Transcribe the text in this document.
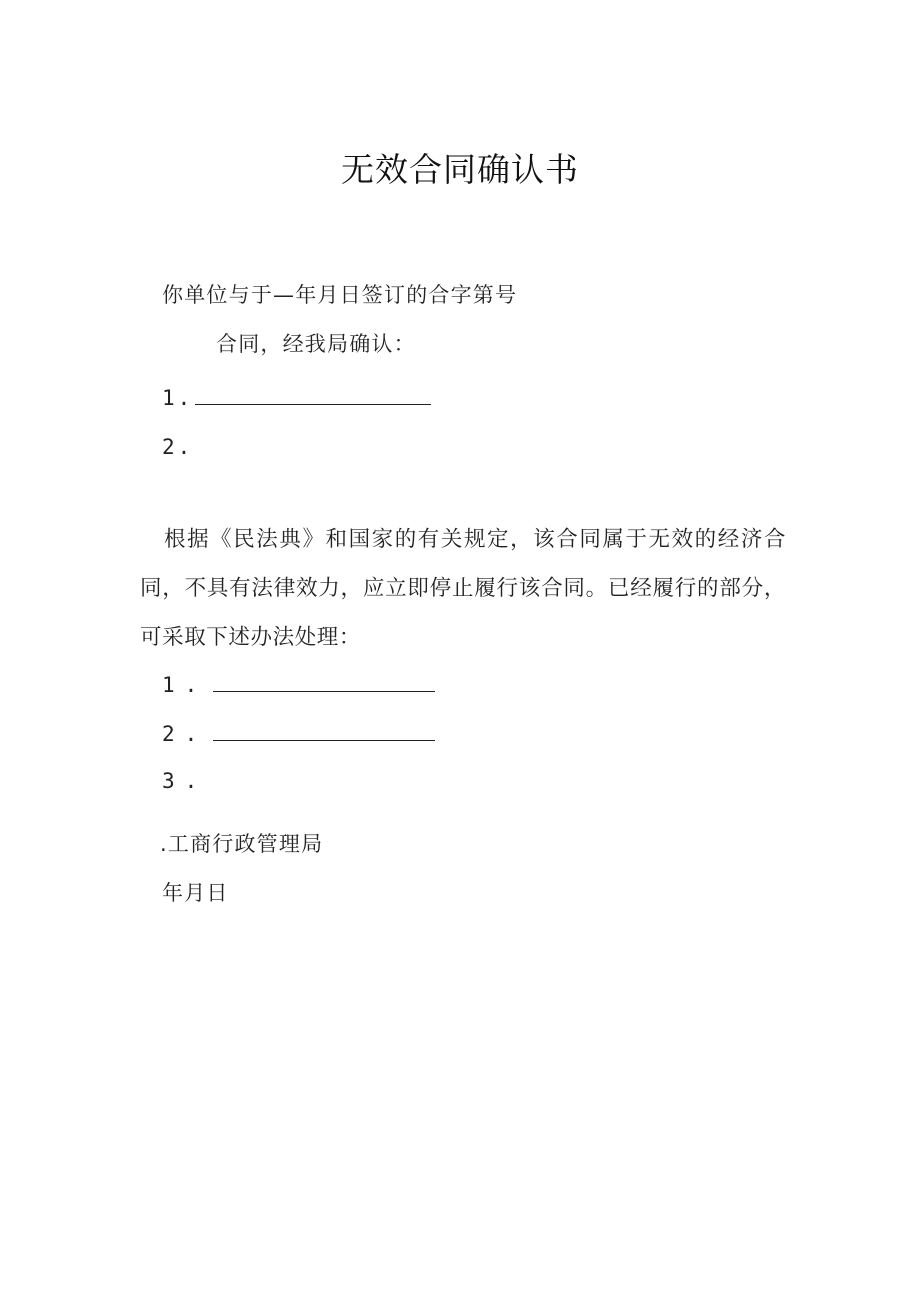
无效合同确认书
你单位与于—年月日签订的合字第号
合同，经我局确认：
1.
2.
根据《民法典》和国家的有关规定，该合同属于无效的经济合同，不具有法律效力，应立即停止履行该合同。已经履行的部分，可采取下述办法处理：
1.
2.
3.
.工商行政管理局
年月日
